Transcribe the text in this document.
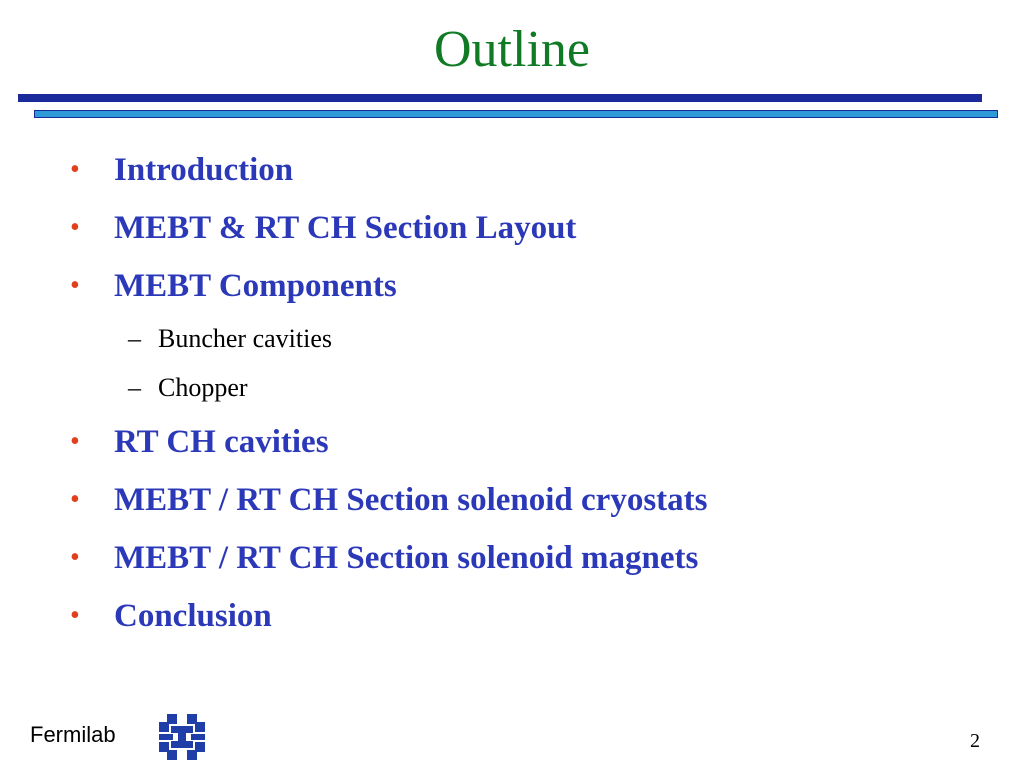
Outline
•	Introduction
•	MEBT & RT CH Section Layout
•	MEBT Components
– Buncher cavities
– Chopper
•	RT CH cavities
•	MEBT / RT CH Section solenoid cryostats
•	MEBT / RT CH Section solenoid magnets
•	Conclusion
Fermilab	2
